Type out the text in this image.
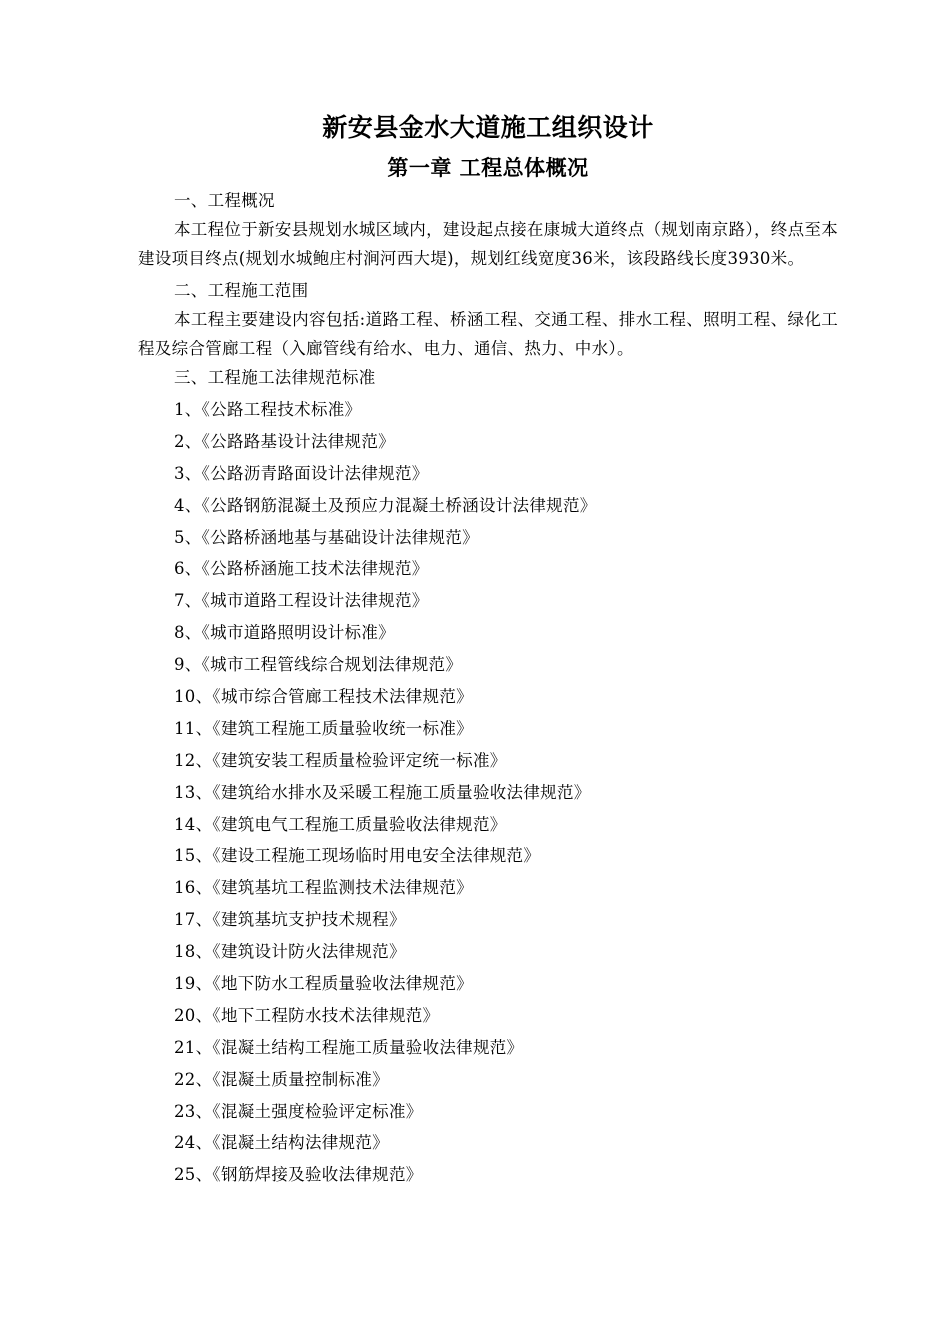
新安县金水大道施工组织设计
第一章 工程总体概况

一、工程概况

本工程位于新安县规划水城区域内，建设起点接在康城大道终点（规划南京路），终点至本建设项目终点(规划水城鲍庄村涧河西大堤)，规划红线宽度36米，该段路线长度3930米。

二、工程施工范围

本工程主要建设内容包括:道路工程、桥涵工程、交通工程、排水工程、照明工程、绿化工程及综合管廊工程（入廊管线有给水、电力、通信、热力、中水）。

三、工程施工法律规范标准

1、《公路工程技术标准》
2、《公路路基设计法律规范》
3、《公路沥青路面设计法律规范》
4、《公路钢筋混凝土及预应力混凝土桥涵设计法律规范》
5、《公路桥涵地基与基础设计法律规范》
6、《公路桥涵施工技术法律规范》
7、《城市道路工程设计法律规范》
8、《城市道路照明设计标准》
9、《城市工程管线综合规划法律规范》
10、《城市综合管廊工程技术法律规范》
11、《建筑工程施工质量验收统一标准》
12、《建筑安装工程质量检验评定统一标准》
13、《建筑给水排水及采暖工程施工质量验收法律规范》
14、《建筑电气工程施工质量验收法律规范》
15、《建设工程施工现场临时用电安全法律规范》
16、《建筑基坑工程监测技术法律规范》
17、《建筑基坑支护技术规程》
18、《建筑设计防火法律规范》
19、《地下防水工程质量验收法律规范》
20、《地下工程防水技术法律规范》
21、《混凝土结构工程施工质量验收法律规范》
22、《混凝土质量控制标准》
23、《混凝土强度检验评定标准》
24、《混凝土结构法律规范》
25、《钢筋焊接及验收法律规范》
